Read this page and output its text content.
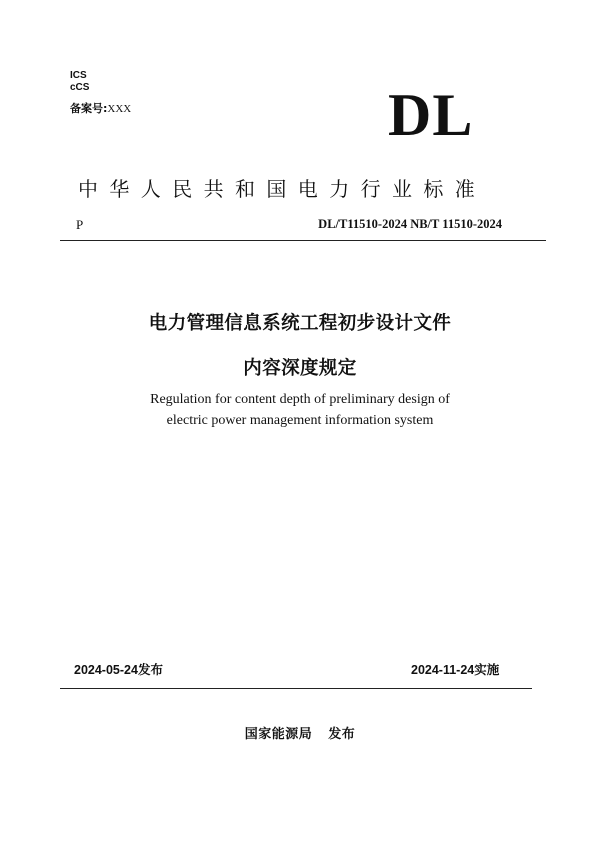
ICS
cCS
备案号:XXX	DL
中华人民共和国电力行业标准
P	DL/T11510-2024 NB/T 11510-2024
电力管理信息系统工程初步设计文件
内容深度规定
Regulation for content depth of preliminary design of
electric power management information system
2024-05-24发布	2024-11-24实施
国家能源局 发布
